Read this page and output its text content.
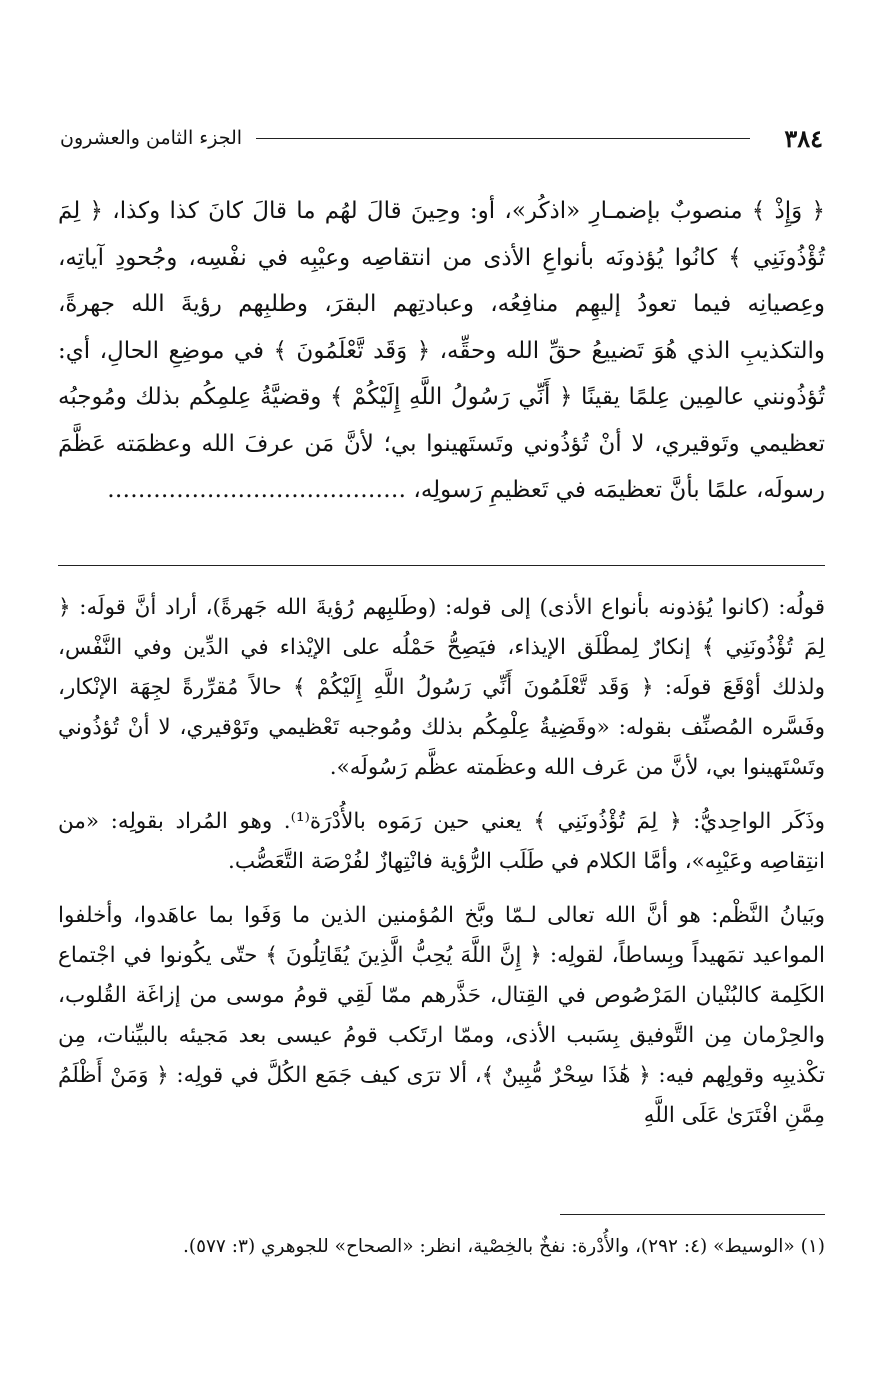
٣٨٤
الجزء الثامن والعشرون

﴿ وَإِذْ ﴾ منصوبٌ بإضمـارِ «اذكُر»، أو: وحِينَ قالَ لهُم ما قالَ كانَ كذا وكذا، ﴿ لِمَ تُؤْذُونَنِي ﴾ كانُوا يُؤذونَه بأنواعِ الأذى من انتقاصِه وعيْبِه في نفْسِه، وجُحودِ آياتِه، وعِصيانِه فيما تعودُ إليهِم منافِعُه، وعبادتِهم البقرَ، وطلبِهم رؤيةَ الله جهرةً، والتكذيبِ الذي هُوَ تَضييعُ حقِّ الله وحقِّه، ﴿ وَقَد تَّعْلَمُونَ ﴾ في موضِعِ الحالِ، أي: تُؤذُونني عالمِين عِلمًا يقينًا ﴿ أَنِّي رَسُولُ اللَّهِ إِلَيْكُمْ ﴾ وقضيَّةُ عِلمِكُم بذلك ومُوجبُه تعظيمي وتَوقيري، لا أنْ تُؤذُوني وتَستَهينوا بي؛ لأنَّ مَن عرفَ الله وعظمَته عَظَّمَ رسولَه، علمًا بأنَّ تعظيمَه في تَعظيمِ رَسولِه، …………………………………

قولُه: (كانوا يُؤذونه بأنواع الأذى) إلى قوله: (وطَلبِهم رُؤيةَ الله جَهرةً)، أراد أنَّ قولَه: ﴿ لِمَ تُؤْذُونَنِي ﴾ إنكارٌ لِمطْلَق الإيذاء، فيَصِحُّ حَمْلُه على الإيْذاء في الدِّين وفي النَّفْس، ولذلك أوْقَعَ قولَه: ﴿ وَقَد تَّعْلَمُونَ أَنِّي رَسُولُ اللَّهِ إِلَيْكُمْ ﴾ حالاً مُقرِّرةً لجِهَة الإنْكار، وفَسَّره المُصنِّف بقوله: «وقَضِيةُ عِلْمِكُم بذلك ومُوجبه تَعْظيمي وتَوْقيري، لا أنْ تُؤذُوني وتَسْتَهينوا بي، لأنَّ من عَرف الله وعظَمته عظَّم رَسُولَه».

وذَكَر الواحِديُّ: ﴿ لِمَ تُؤْذُونَنِي ﴾ يعني حين رَمَوه بالأُدْرَة⁽¹⁾. وهو المُراد بقولِه: «من انتِقاصِه وعَيْبِه»، وأمَّا الكلام في طَلَب الرُّؤية فانْتِهازٌ لفُرْصَة التَّعَصُّب.

وبَيانُ النَّظْم: هو أنَّ الله تعالى لـمّا وبَّخ المُؤمنين الذين ما وَفَوا بما عاهَدوا، وأخلفوا المواعيد تمَهيداً وبِساطاً، لقولِه: ﴿ إِنَّ اللَّهَ يُحِبُّ الَّذِينَ يُقَاتِلُونَ ﴾ حتّى يكُونوا في اجْتماع الكَلِمة كالبُنْيان المَرْصُوص في القِتال، حَذَّرهم ممّا لَقِي قومُ موسى من إزاغَة القُلوب، والحِرْمان مِن التَّوفيق بِسَبب الأذى، وممّا ارتَكب قومُ عيسى بعد مَجيئه بالبيِّنات، مِن تكْذيبِه وقولِهم فيه: ﴿ هَٰذَا سِحْرٌ مُّبِينٌ ﴾، ألا ترَى كيف جَمَع الكُلَّ في قولِه: ﴿ وَمَنْ أَظْلَمُ مِمَّنِ افْتَرَىٰ عَلَى اللَّهِ

(١) «الوسيط» (٤: ٢٩٢)، والأُدْرة: نفخٌ بالخِصْية، انظر: «الصحاح» للجوهري (٣: ٥٧٧).
